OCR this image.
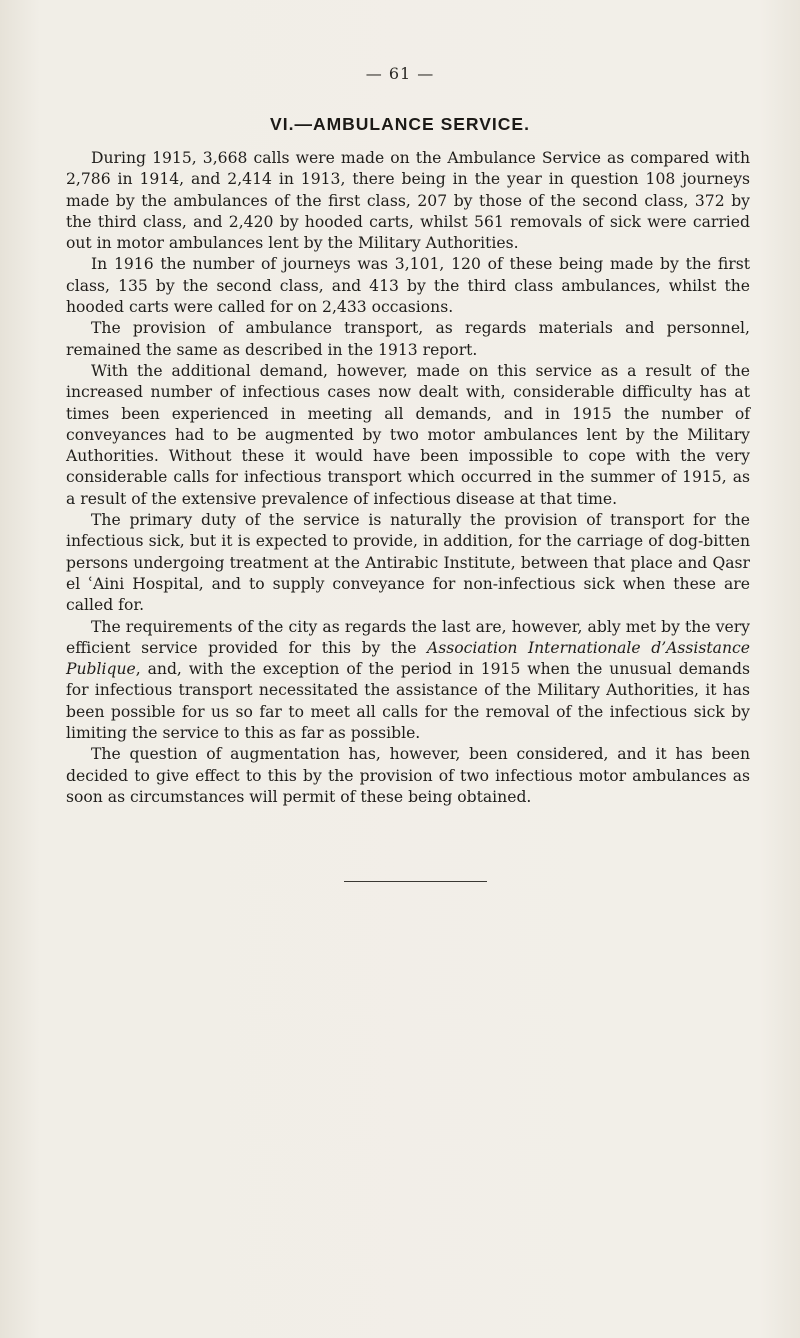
— 61 —
VI.—AMBULANCE SERVICE.

During 1915, 3,668 calls were made on the Ambulance Service as compared with 2,786 in 1914, and 2,414 in 1913, there being in the year in question 108 journeys made by the ambulances of the first class, 207 by those of the second class, 372 by the third class, and 2,420 by hooded carts, whilst 561 removals of sick were carried out in motor ambulances lent by the Military Authorities.

In 1916 the number of journeys was 3,101, 120 of these being made by the first class, 135 by the second class, and 413 by the third class ambulances, whilst the hooded carts were called for on 2,433 occasions.

The provision of ambulance transport, as regards materials and personnel, remained the same as described in the 1913 report.

With the additional demand, however, made on this service as a result of the increased number of infectious cases now dealt with, considerable difficulty has at times been experienced in meeting all demands, and in 1915 the number of conveyances had to be augmented by two motor ambulances lent by the Military Authorities. Without these it would have been impossible to cope with the very considerable calls for infectious transport which occurred in the summer of 1915, as a result of the extensive prevalence of infectious disease at that time.

The primary duty of the service is naturally the provision of transport for the infectious sick, but it is expected to provide, in addition, for the carriage of dog-bitten persons undergoing treatment at the Antirabic Institute, between that place and Qasr el ʿAini Hospital, and to supply conveyance for non-infectious sick when these are called for.

The requirements of the city as regards the last are, however, ably met by the very efficient service provided for this by the Association Internationale d’Assistance Publique, and, with the exception of the period in 1915 when the unusual demands for infectious transport necessitated the assistance of the Military Authorities, it has been possible for us so far to meet all calls for the removal of the infectious sick by limiting the service to this as far as possible.

The question of augmentation has, however, been considered, and it has been decided to give effect to this by the provision of two infectious motor ambulances as soon as circumstances will permit of these being obtained.
